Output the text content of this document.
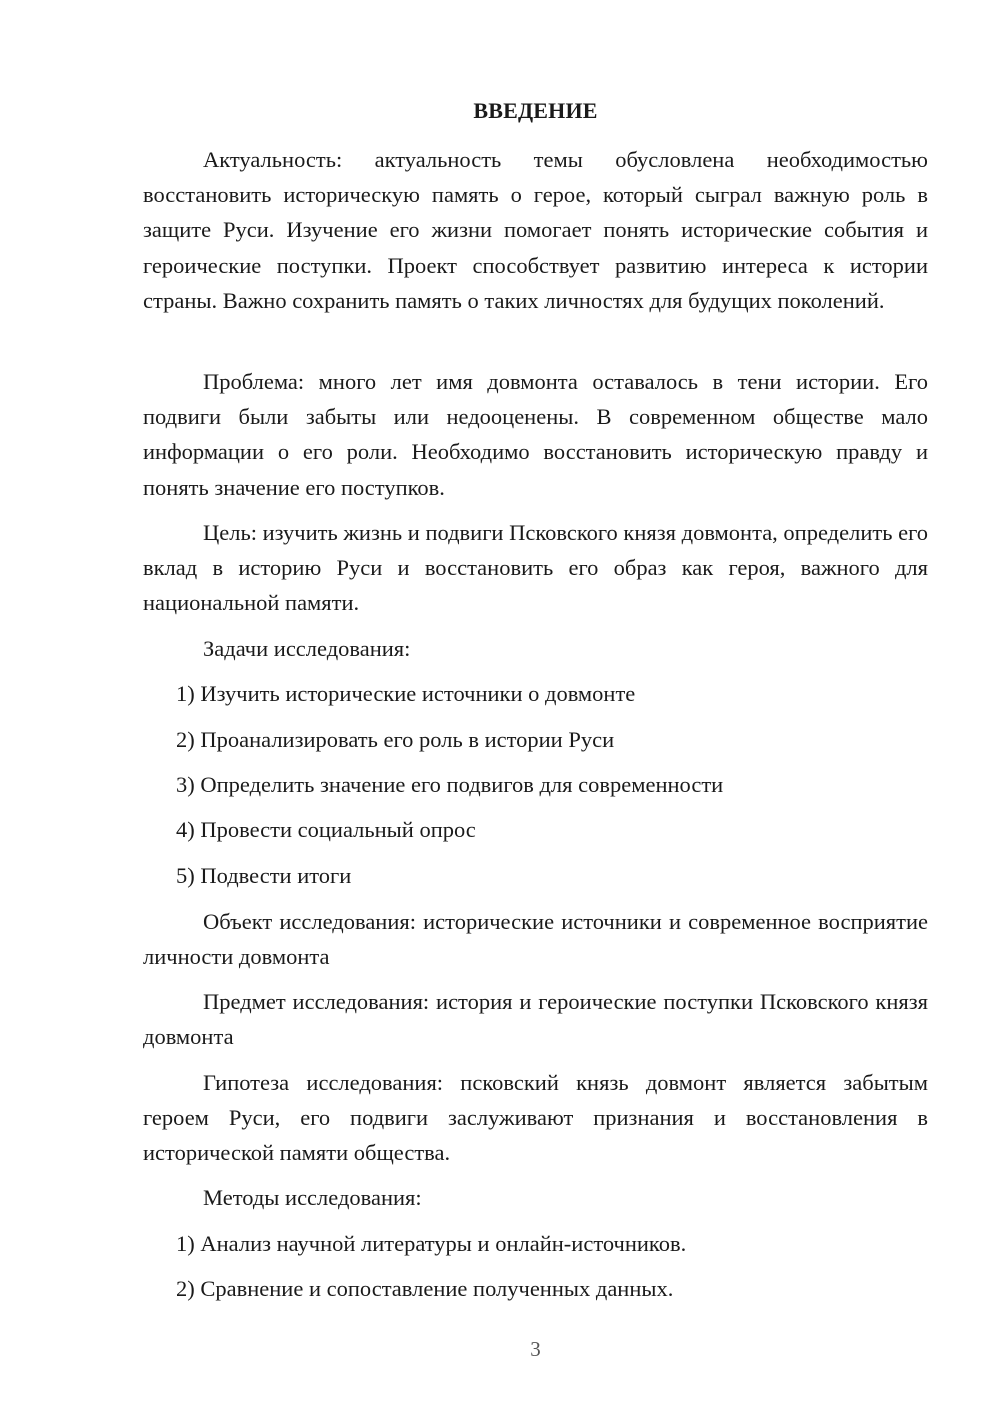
ВВЕДЕНИЕ

Актуальность: актуальность темы обусловлена необходимостью восстановить историческую память о герое, который сыграл важную роль в защите Руси. Изучение его жизни помогает понять исторические события и героические поступки. Проект способствует развитию интереса к истории страны. Важно сохранить память о таких личностях для будущих поколений.

Проблема: много лет имя довмонта оставалось в тени истории. Его подвиги были забыты или недооценены. В современном обществе мало информации о его роли. Необходимо восстановить историческую правду и понять значение его поступков.

Цель: изучить жизнь и подвиги Псковского князя довмонта, определить его вклад в историю Руси и восстановить его образ как героя, важного для национальной памяти.

Задачи исследования:

1) Изучить исторические источники о довмонте

2) Проанализировать его роль в истории Руси

3) Определить значение его подвигов для современности

4) Провести социальный опрос

5) Подвести итоги

Объект исследования: исторические источники и современное восприятие личности довмонта

Предмет исследования: история и героические поступки Псковского князя довмонта

Гипотеза исследования: псковский князь довмонт является забытым героем Руси, его подвиги заслуживают признания и восстановления в исторической памяти общества.

Методы исследования:

1) Анализ научной литературы и онлайн-источников.

2) Сравнение и сопоставление полученных данных.

3
